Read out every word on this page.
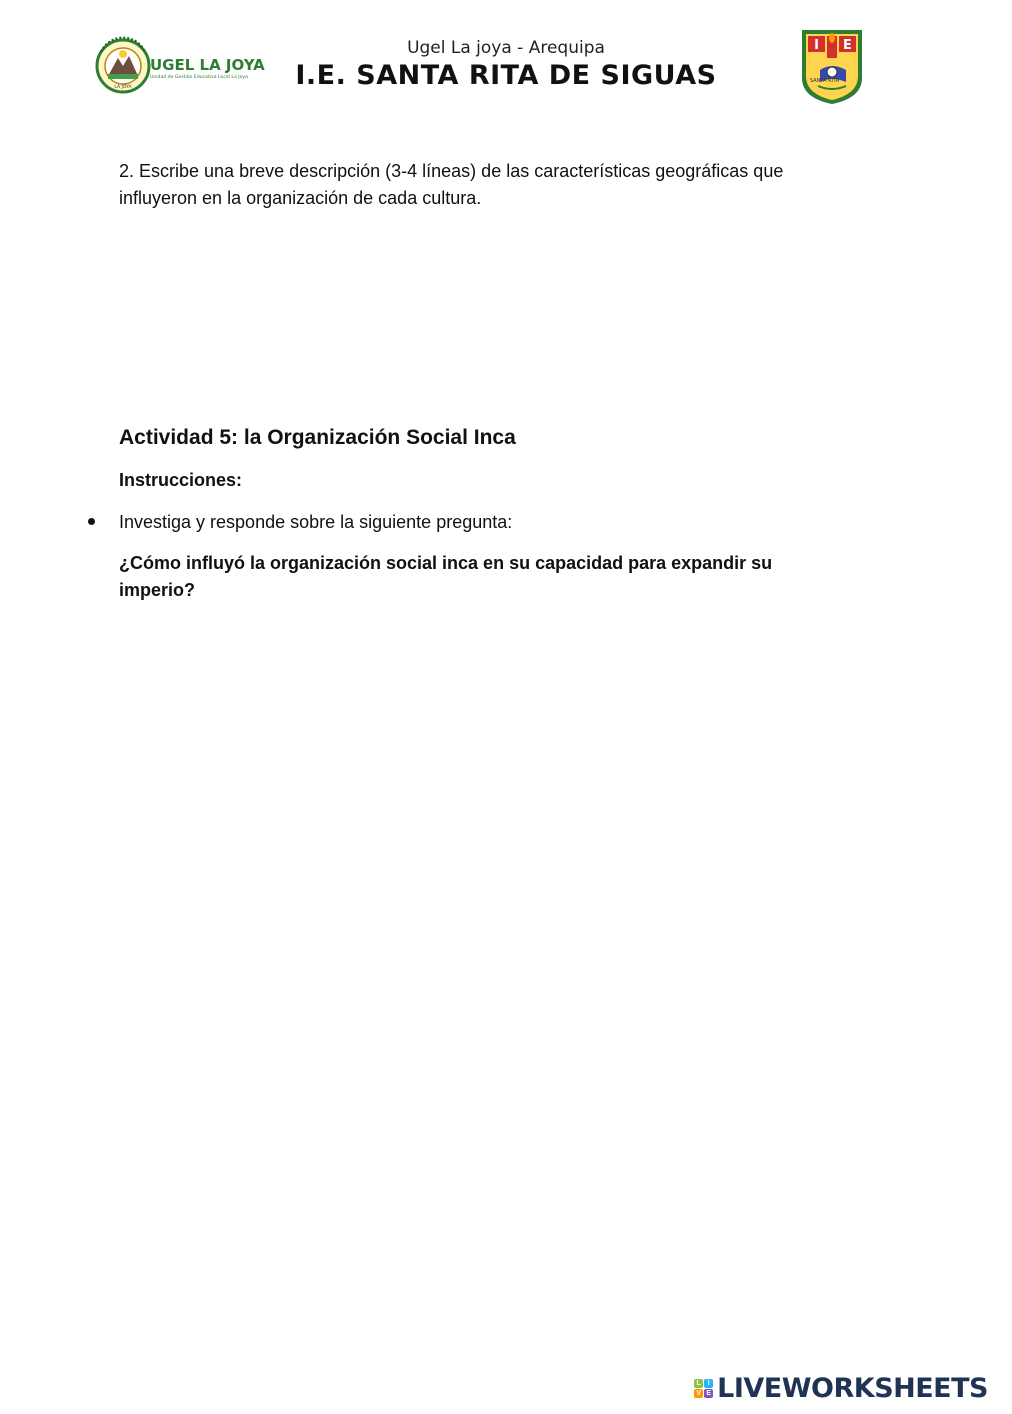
LA JOYA
UGEL LA JOYA
Unidad de Gestión Educativa Local La Joya
Ugel La joya - Arequipa
I.E. SANTA RITA DE SIGUAS
I E
SANTA RITA

2. Escribe una breve descripción (3-4 líneas) de las características geográficas que influyeron en la organización de cada cultura.

Actividad 5: la Organización Social Inca

Instrucciones:

Investiga y responde sobre la siguiente pregunta:

¿Cómo influyó la organización social inca en su capacidad para expandir su imperio?

L I
V E LIVEWORKSHEETS
